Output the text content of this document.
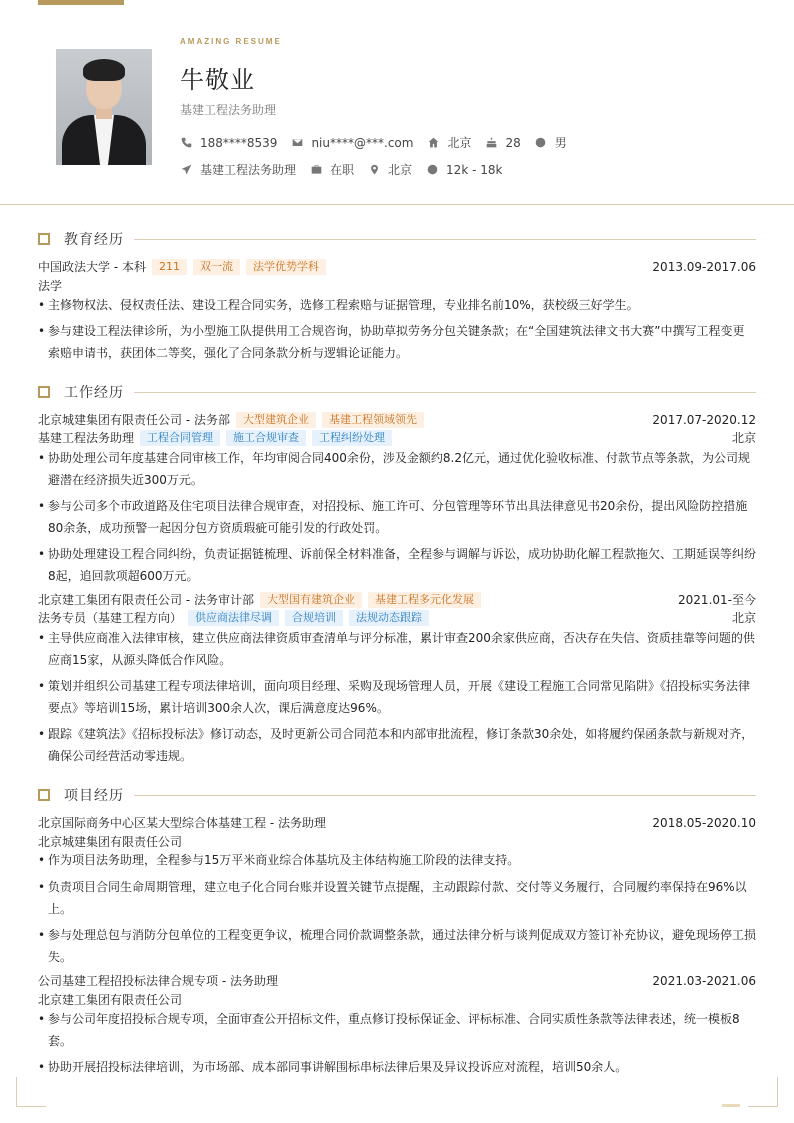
AMAZING RESUME
牛敬业
基建工程法务助理
188****8539	niu****@***.com	北京	28	男
基建工程法务助理	在职	北京	12k - 18k
教育经历
中国政法大学 - 本科	211	双一流	法学优势学科	2013.09-2017.06
法学
• 主修物权法、侵权责任法、建设工程合同实务，选修工程索赔与证据管理，专业排名前10%，获校级三好学生。
• 参与建设工程法律诊所，为小型施工队提供用工合规咨询，协助草拟劳务分包关键条款；在“全国建筑法律文书大赛”中撰写工程变更索赔申请书，获团体二等奖，强化了合同条款分析与逻辑论证能力。
工作经历
北京城建集团有限责任公司 - 法务部	大型建筑企业	基建工程领域领先	2017.07-2020.12
基建工程法务助理	工程合同管理	施工合规审查	工程纠纷处理	北京
• 协助处理公司年度基建合同审核工作，年均审阅合同400余份，涉及金额约8.2亿元，通过优化验收标准、付款节点等条款，为公司规避潜在经济损失近300万元。
• 参与公司多个市政道路及住宅项目法律合规审查，对招投标、施工许可、分包管理等环节出具法律意见书20余份，提出风险防控措施80余条，成功预警一起因分包方资质瑕疵可能引发的行政处罚。
• 协助处理建设工程合同纠纷，负责证据链梳理、诉前保全材料准备，全程参与调解与诉讼，成功协助化解工程款拖欠、工期延误等纠纷8起，追回款项超600万元。
北京建工集团有限责任公司 - 法务审计部	大型国有建筑企业	基建工程多元化发展	2021.01-至今
法务专员（基建工程方向）	供应商法律尽调	合规培训	法规动态跟踪	北京
• 主导供应商准入法律审核，建立供应商法律资质审查清单与评分标准，累计审查200余家供应商，否决存在失信、资质挂靠等问题的供应商15家，从源头降低合作风险。
• 策划并组织公司基建工程专项法律培训，面向项目经理、采购及现场管理人员，开展《建设工程施工合同常见陷阱》《招投标实务法律要点》等培训15场，累计培训300余人次，课后满意度达96%。
• 跟踪《建筑法》《招标投标法》修订动态，及时更新公司合同范本和内部审批流程，修订条款30余处，如将履约保函条款与新规对齐，确保公司经营活动零违规。
项目经历
北京国际商务中心区某大型综合体基建工程 - 法务助理	2018.05-2020.10
北京城建集团有限责任公司
• 作为项目法务助理，全程参与15万平米商业综合体基坑及主体结构施工阶段的法律支持。
• 负责项目合同生命周期管理，建立电子化合同台账并设置关键节点提醒，主动跟踪付款、交付等义务履行，合同履约率保持在96%以上。
• 参与处理总包与消防分包单位的工程变更争议，梳理合同价款调整条款，通过法律分析与谈判促成双方签订补充协议，避免现场停工损失。
公司基建工程招投标法律合规专项 - 法务助理	2021.03-2021.06
北京建工集团有限责任公司
• 参与公司年度招投标合规专项，全面审查公开招标文件，重点修订投标保证金、评标标准、合同实质性条款等法律表述，统一模板8套。
• 协助开展招投标法律培训，为市场部、成本部同事讲解围标串标法律后果及异议投诉应对流程，培训50余人。
